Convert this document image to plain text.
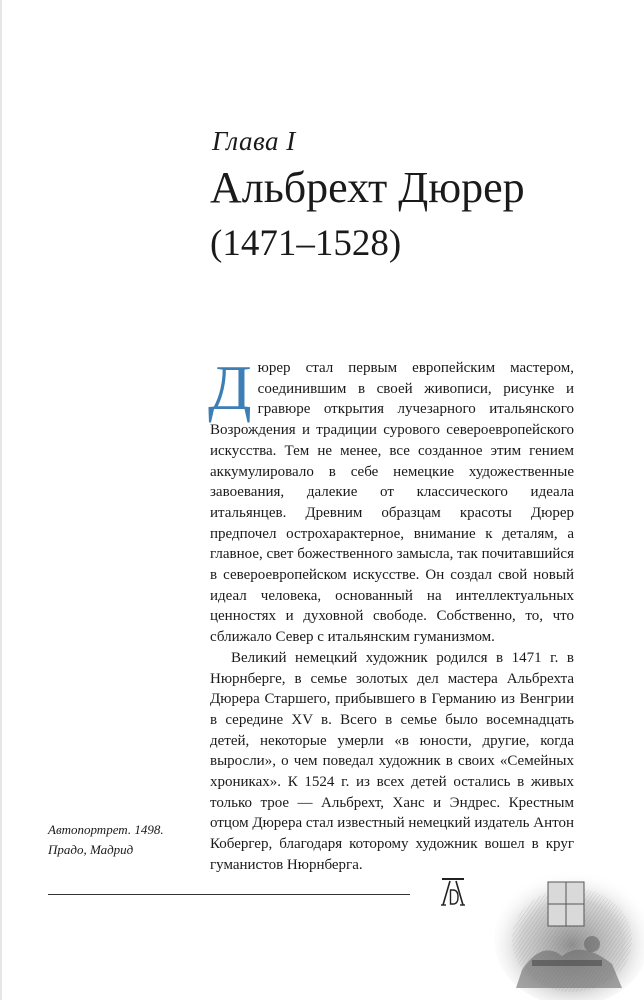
Глава I
Альбрехт Дюрер
(1471–1528)

Дюрер стал первым европейским мастером, соединившим в своей живописи, рисунке и гравюре открытия лучезарного итальянского Возрождения и традиции сурового североевропейского искусства. Тем не менее, все созданное этим гением аккумулировало в себе немецкие художественные завоевания, далекие от классического идеала итальянцев. Древним образцам красоты Дюрер предпочел острохарактерное, внимание к деталям, а главное, свет божественного замысла, так почитавшийся в североевропейском искусстве. Он создал свой новый идеал человека, основанный на интеллектуальных ценностях и духовной свободе. Собственно, то, что сближало Север с итальянским гуманизмом.

Великий немецкий художник родился в 1471 г. в Нюрнберге, в семье золотых дел мастера Альбрехта Дюрера Старшего, прибывшего в Германию из Венгрии в середине XV в. Всего в семье было восемнадцать детей, некоторые умерли «в юности, другие, когда выросли», о чем поведал художник в своих «Семейных хрониках». К 1524 г. из всех детей остались в живых только трое — Альбрехт, Ханс и Эндрес. Крестным отцом Дюрера стал известный немецкий издатель Антон Кобергер, благодаря которому художник вошел в круг гуманистов Нюрнберга.

Автопортрет. 1498.
Прадо, Мадрид
